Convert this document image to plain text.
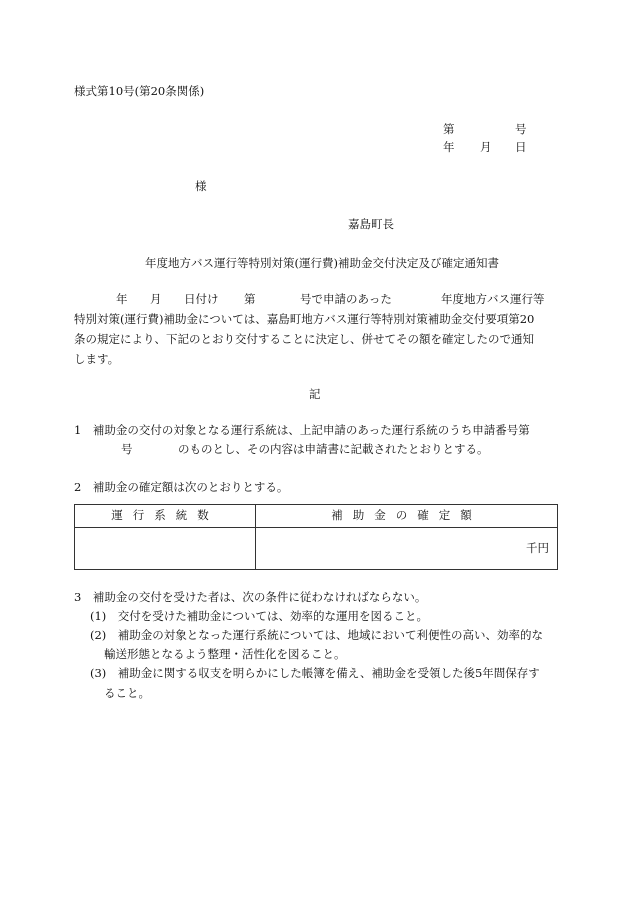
様式第10号(第20条関係)
第	号
年 月 日
様
嘉島町長
年度地方バス運行等特別対策(運行費)補助金交付決定及び確定通知書
年 月 日付け 第	号で申請のあった	年度地方バス運行等
特別対策(運行費)補助金については、嘉島町地方バス運行等特別対策補助金交付要項第20
条の規定により、下記のとおり交付することに決定し、併せてその額を確定したので通知
します。
記
1　補助金の交付の対象となる運行系統は、上記申請のあった運行系統のうち申請番号第
号	のものとし、その内容は申請書に記載されたとおりとする。
2　補助金の確定額は次のとおりとする。
運行系統数	補助金の確定額
	千円
3　補助金の交付を受けた者は、次の条件に従わなければならない。
(1)　交付を受けた補助金については、効率的な運用を図ること。
(2)　補助金の対象となった運行系統については、地域において利便性の高い、効率的な
輸送形態となるよう整理・活性化を図ること。
(3)　補助金に関する収支を明らかにした帳簿を備え、補助金を受領した後5年間保存す
ること。
